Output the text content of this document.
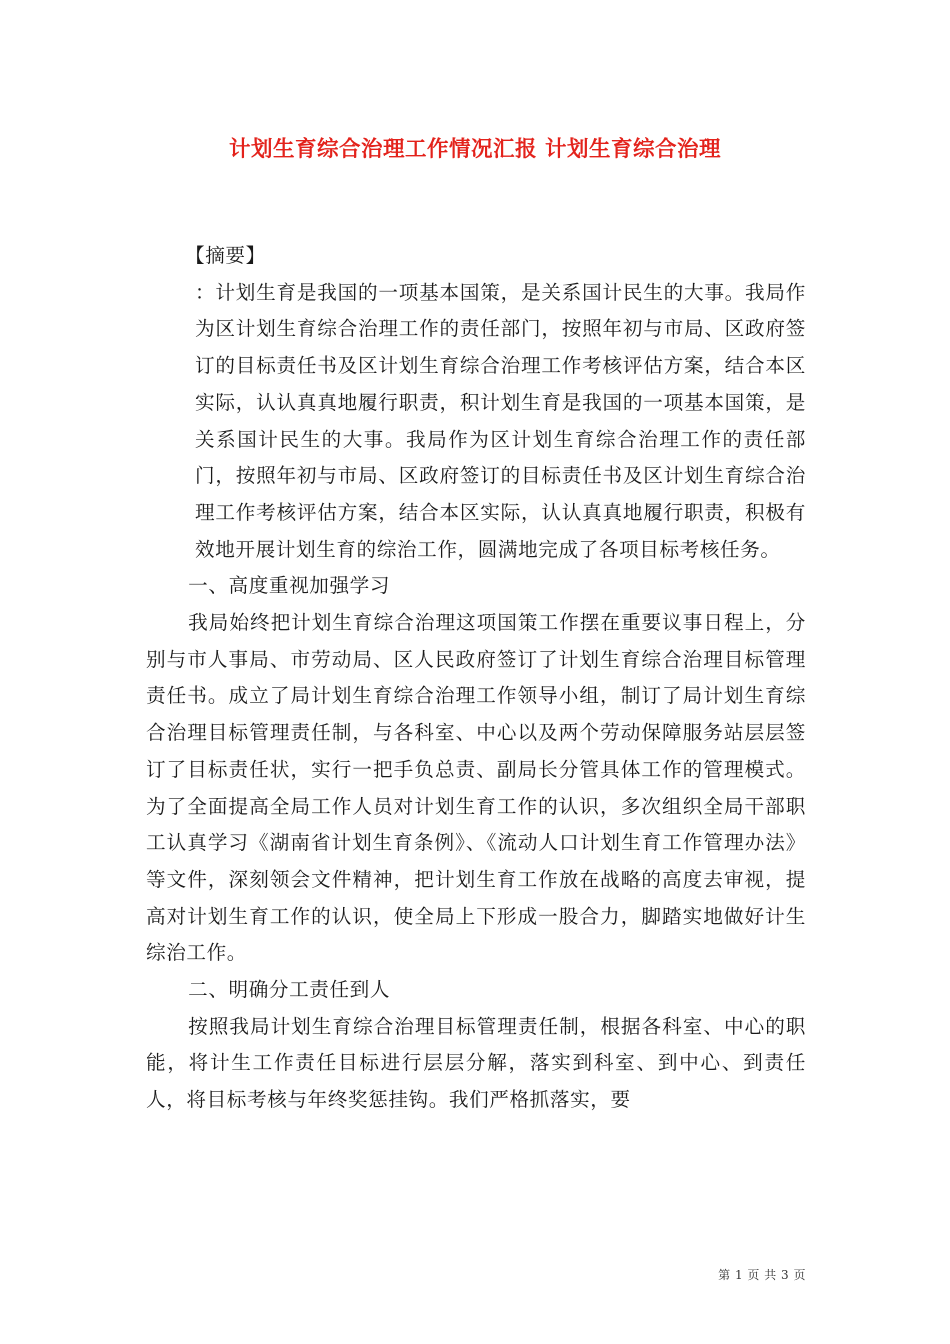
计划生育综合治理工作情况汇报 计划生育综合治理

【摘要】

：计划生育是我国的一项基本国策，是关系国计民生的大事。我局作为区计划生育综合治理工作的责任部门，按照年初与市局、区政府签订的目标责任书及区计划生育综合治理工作考核评估方案，结合本区实际，认认真真地履行职责，积计划生育是我国的一项基本国策，是关系国计民生的大事。我局作为区计划生育综合治理工作的责任部门，按照年初与市局、区政府签订的目标责任书及区计划生育综合治理工作考核评估方案，结合本区实际，认认真真地履行职责，积极有效地开展计划生育的综治工作，圆满地完成了各项目标考核任务。

一、高度重视加强学习

我局始终把计划生育综合治理这项国策工作摆在重要议事日程上，分别与市人事局、市劳动局、区人民政府签订了计划生育综合治理目标管理责任书。成立了局计划生育综合治理工作领导小组，制订了局计划生育综合治理目标管理责任制，与各科室、中心以及两个劳动保障服务站层层签订了目标责任状，实行一把手负总责、副局长分管具体工作的管理模式。为了全面提高全局工作人员对计划生育工作的认识，多次组织全局干部职工认真学习《湖南省计划生育条例》、《流动人口计划生育工作管理办法》等文件，深刻领会文件精神，把计划生育工作放在战略的高度去审视，提高对计划生育工作的认识，使全局上下形成一股合力，脚踏实地做好计生综治工作。

二、明确分工责任到人

按照我局计划生育综合治理目标管理责任制，根据各科室、中心的职能，将计生工作责任目标进行层层分解，落实到科室、到中心、到责任人，将目标考核与年终奖惩挂钩。我们严格抓落实，要

第 1 页 共 3 页
